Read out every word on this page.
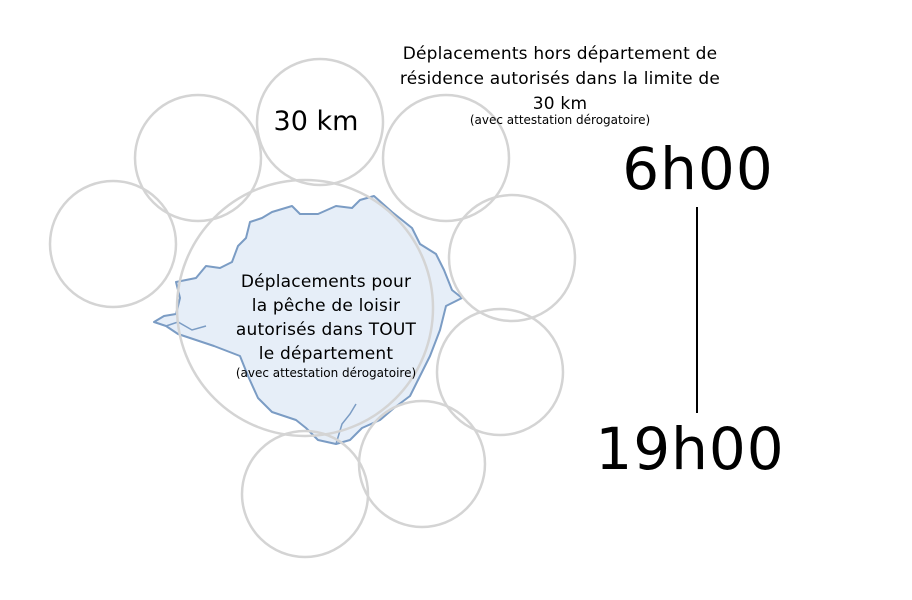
30 km
Déplacements hors département de
résidence autorisés dans la limite de
30 km
(avec attestation dérogatoire)
Déplacements pour
la pêche de loisir
autorisés dans TOUT
le département
(avec attestation dérogatoire)
6h00
19h00
